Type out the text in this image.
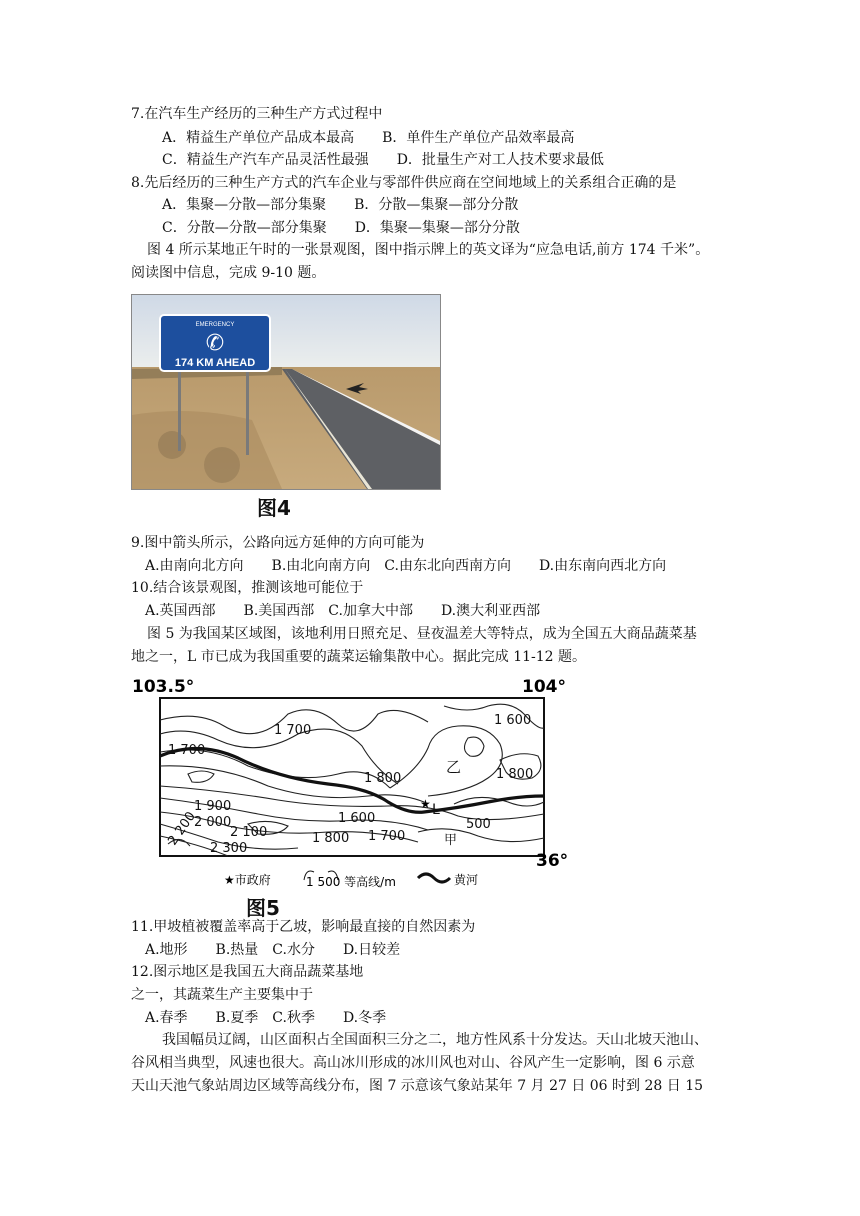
7.在汽车生产经历的三种生产方式过程中
A．精益生产单位产品成本最高　　B．单件生产单位产品效率最高
C．精益生产汽车产品灵活性最强　　D．批量生产对工人技术要求最低
8.先后经历的三种生产方式的汽车企业与零部件供应商在空间地域上的关系组合正确的是
A．集聚—分散—部分集聚　　B．分散—集聚—部分分散
C．分散—分散—部分集聚　　D．集聚—集聚—部分分散
图 4 所示某地正午时的一张景观图，图中指示牌上的英文译为“应急电话,前方 174 千米”。
阅读图中信息，完成 9-10 题。
EMERGENCY
✆
174 KM AHEAD
图4
9.图中箭头所示，公路向远方延伸的方向可能为
A.由南向北方向　　B.由北向南方向　C.由东北向西南方向　　D.由东南向西北方向
10.结合该景观图，推测该地可能位于
A.英国西部　　B.美国西部　C.加拿大中部　　D.澳大利亚西部
图 5 为我国某区域图，该地利用日照充足、昼夜温差大等特点，成为全国五大商品蔬菜基
地之一，L 市已成为我国重要的蔬菜运输集散中心。据此完成 11-12 题。
103.5°	104°
36°
1 700
1 600
1 700
1 800
乙	1 800
1 900
2 000
2 200 2 100
1 600
L
500
1 800 1 700	甲
2 300
★
★市政府	1 500 等高线/m	黄河
图5
11.甲坡植被覆盖率高于乙坡，影响最直接的自然因素为
A.地形　　B.热量　C.水分　　D.日较差
12.图示地区是我国五大商品蔬菜基地
之一，其蔬菜生产主要集中于
A.春季　　B.夏季　C.秋季　　D.冬季
我国幅员辽阔，山区面积占全国面积三分之二，地方性风系十分发达。天山北坡天池山、
谷风相当典型，风速也很大。高山冰川形成的冰川风也对山、谷风产生一定影响，图 6 示意
天山天池气象站周边区域等高线分布，图 7 示意该气象站某年 7 月 27 日 06 时到 28 日 15
